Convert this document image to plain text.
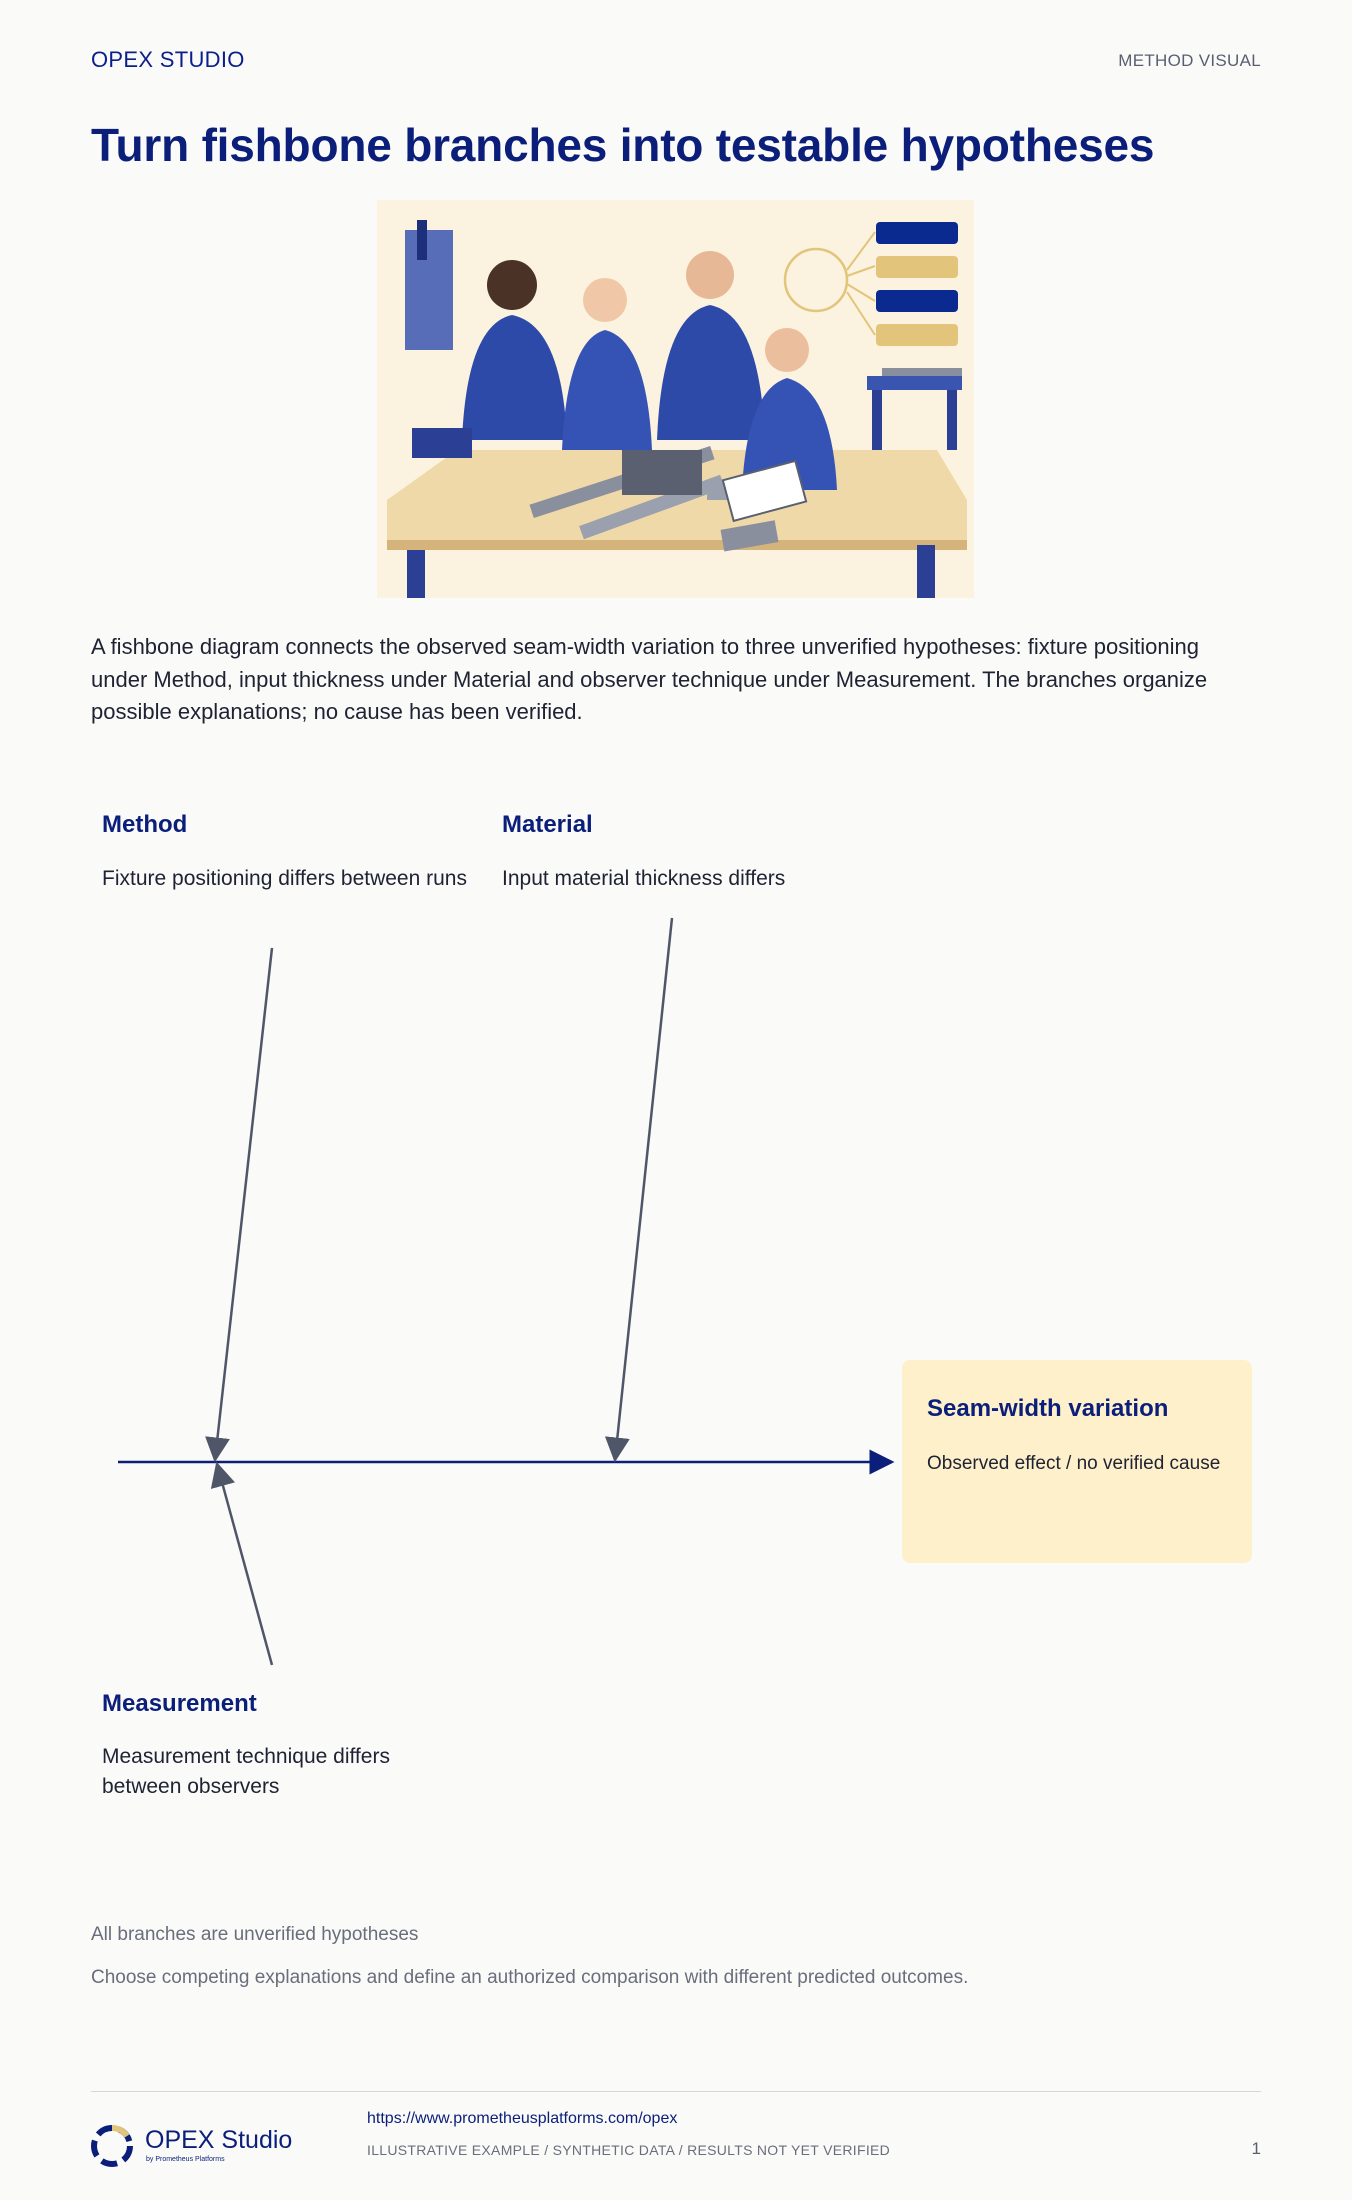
OPEX STUDIO	METHOD VISUAL
Turn fishbone branches into testable hypotheses

A fishbone diagram connects the observed seam-width variation to three unverified hypotheses: fixture positioning under Method, input thickness under Material and observer technique under Measurement. The branches organize possible explanations; no cause has been verified.

Method
Fixture positioning differs between runs
Material
Input material thickness differs
Measurement
Measurement technique differs between observers
Seam-width variation
Observed effect / no verified cause
All branches are unverified hypotheses
Choose competing explanations and define an authorized comparison with different predicted outcomes.
OPEX Studio
by Prometheus Platforms
https://www.prometheusplatforms.com/opex
ILLUSTRATIVE EXAMPLE / SYNTHETIC DATA / RESULTS NOT YET VERIFIED	1
